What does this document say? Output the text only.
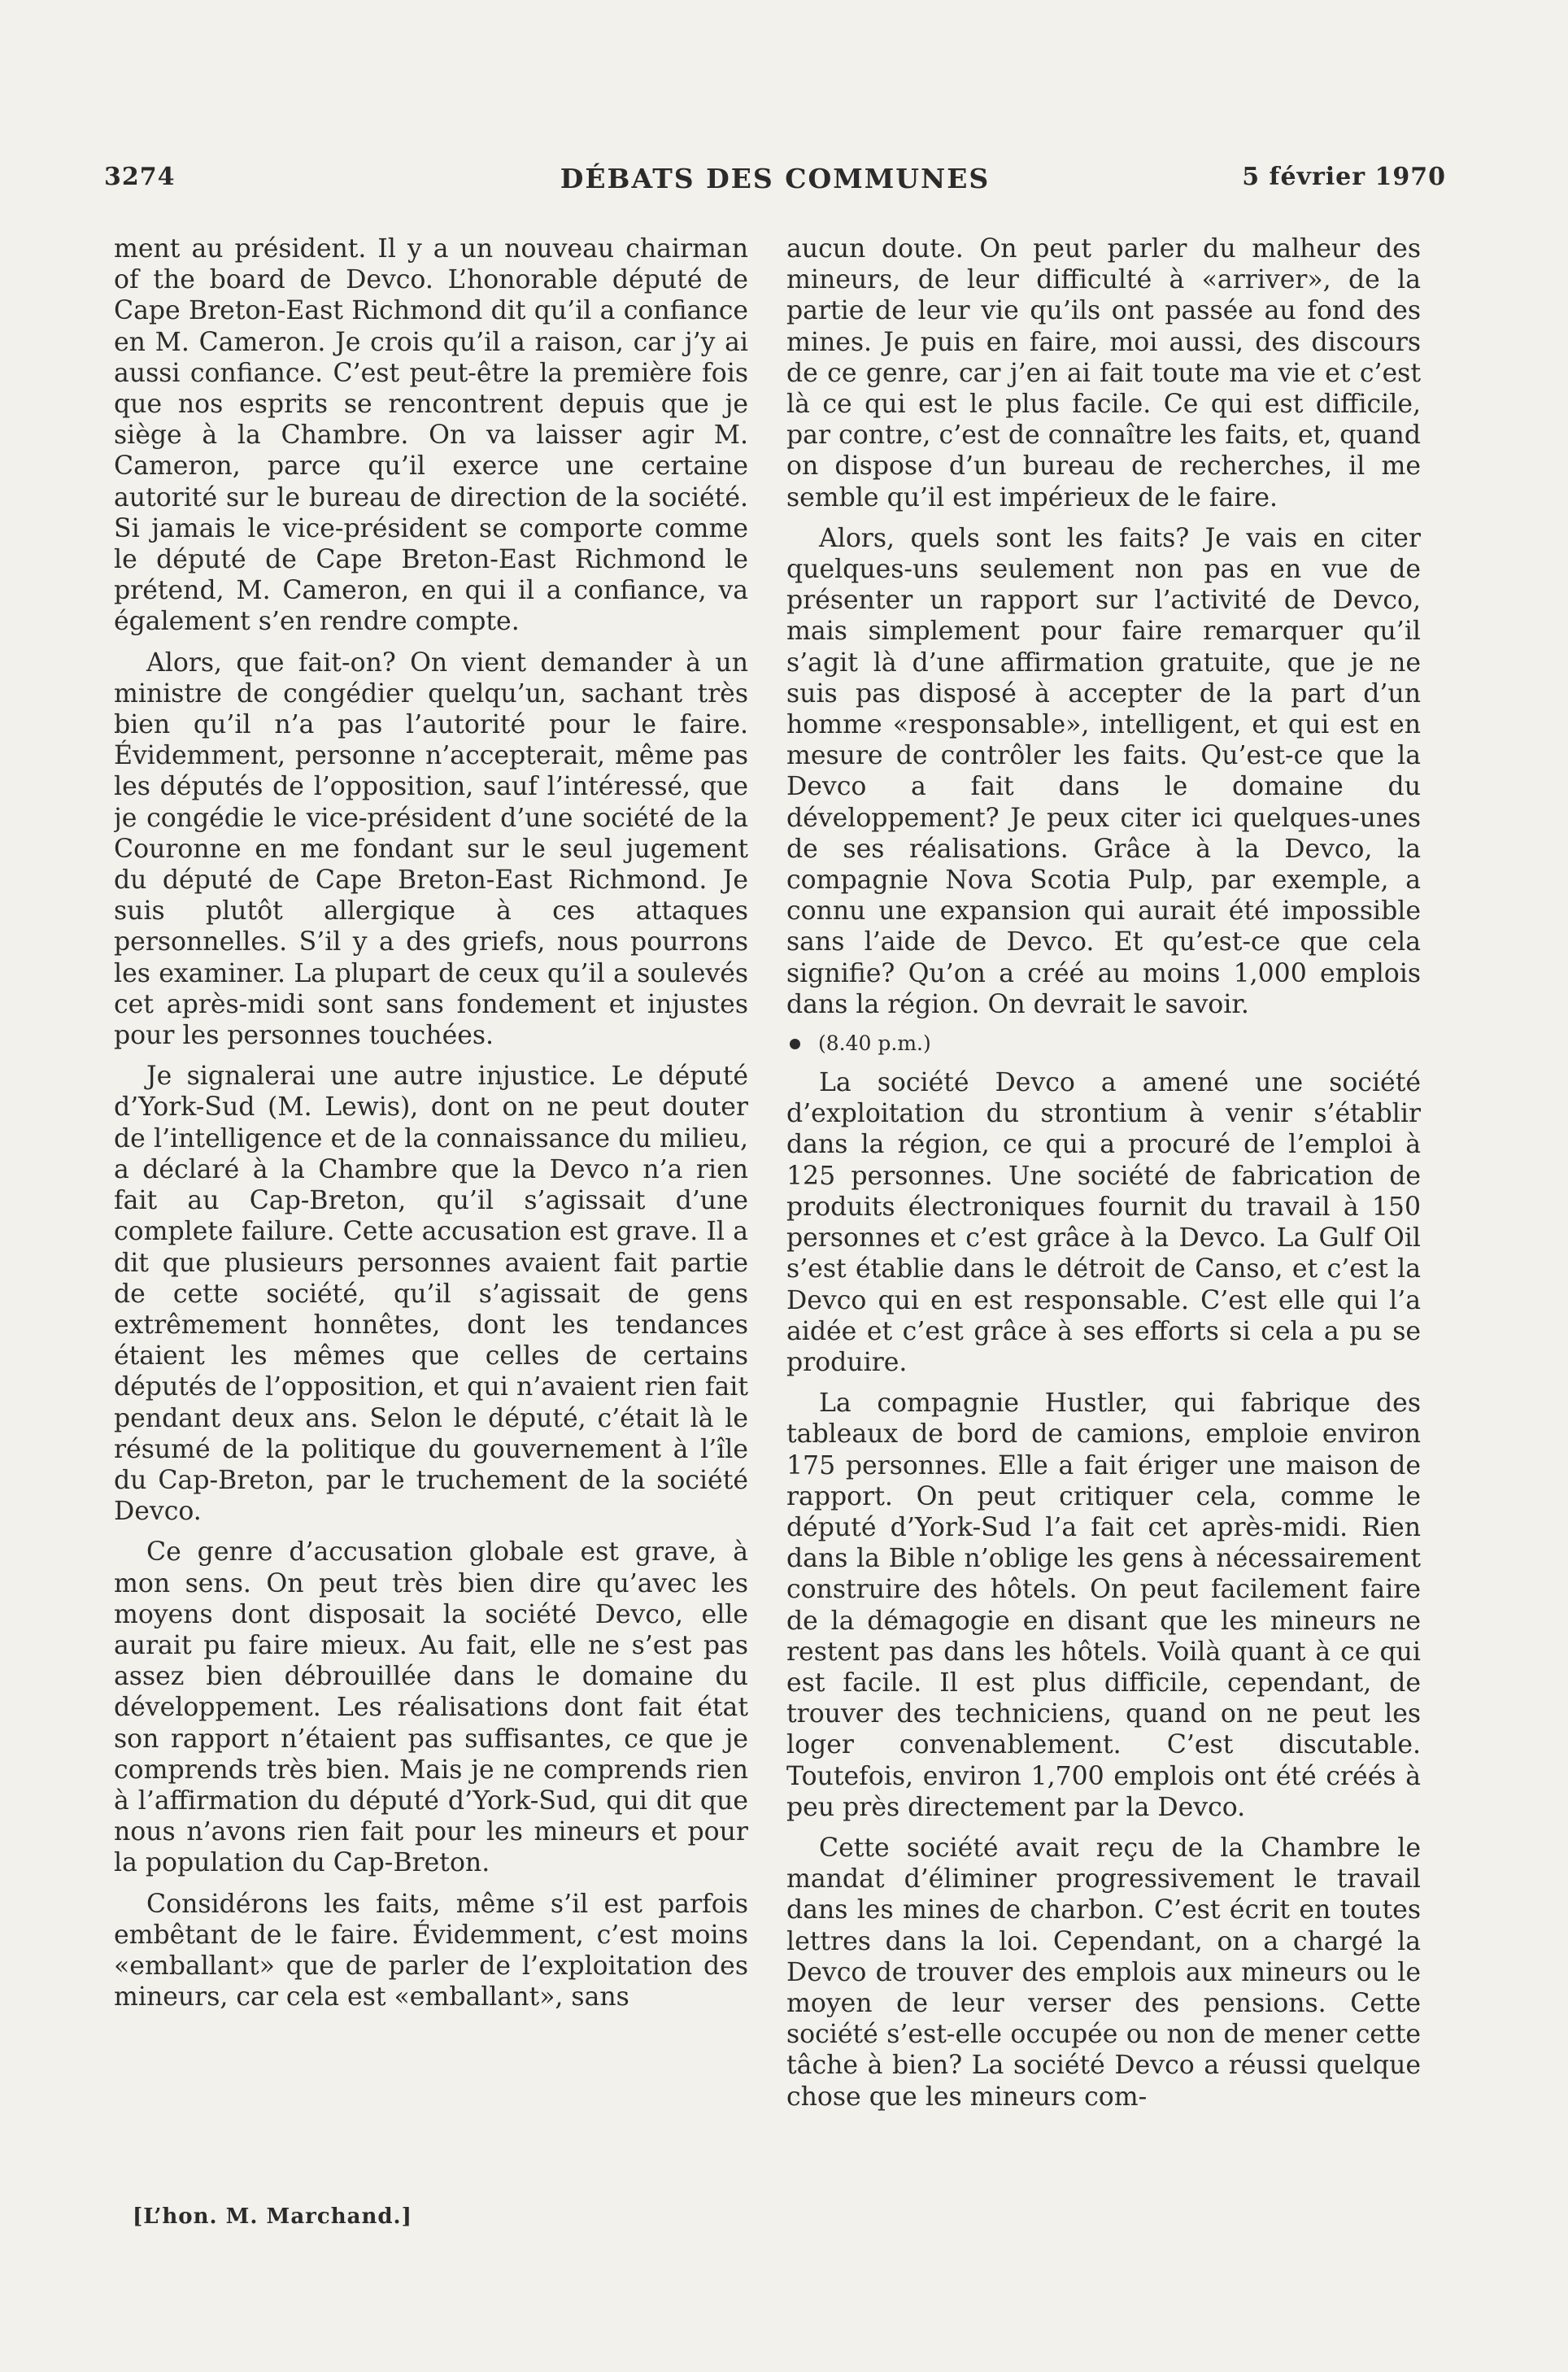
3274	DÉBATS DES COMMUNES	5 février 1970

ment au président. Il y a un nouveau chairman of the board de Devco. L’honorable député de Cape Breton-East Richmond dit qu’il a confiance en M. Cameron. Je crois qu’il a raison, car j’y ai aussi confiance. C’est peut-être la première fois que nos esprits se rencontrent depuis que je siège à la Chambre. On va laisser agir M. Cameron, parce qu’il exerce une certaine autorité sur le bureau de direction de la société. Si jamais le vice-président se comporte comme le député de Cape Breton-East Richmond le prétend, M. Cameron, en qui il a confiance, va également s’en rendre compte.

Alors, que fait-on? On vient demander à un ministre de congédier quelqu’un, sachant très bien qu’il n’a pas l’autorité pour le faire. Évidemment, personne n’accepterait, même pas les députés de l’opposition, sauf l’intéressé, que je congédie le vice-président d’une société de la Couronne en me fondant sur le seul jugement du député de Cape Breton-East Richmond. Je suis plutôt allergique à ces attaques personnelles. S’il y a des griefs, nous pourrons les examiner. La plupart de ceux qu’il a soulevés cet après-midi sont sans fondement et injustes pour les personnes touchées.

Je signalerai une autre injustice. Le député d’York-Sud (M. Lewis), dont on ne peut douter de l’intelligence et de la connaissance du milieu, a déclaré à la Chambre que la Devco n’a rien fait au Cap-Breton, qu’il s’agissait d’une complete failure. Cette accusation est grave. Il a dit que plusieurs personnes avaient fait partie de cette société, qu’il s’agissait de gens extrêmement honnêtes, dont les tendances étaient les mêmes que celles de certains députés de l’opposition, et qui n’avaient rien fait pendant deux ans. Selon le député, c’était là le résumé de la politique du gouvernement à l’île du Cap-Breton, par le truchement de la société Devco.

Ce genre d’accusation globale est grave, à mon sens. On peut très bien dire qu’avec les moyens dont disposait la société Devco, elle aurait pu faire mieux. Au fait, elle ne s’est pas assez bien débrouillée dans le domaine du développement. Les réalisations dont fait état son rapport n’étaient pas suffisantes, ce que je comprends très bien. Mais je ne comprends rien à l’affirmation du député d’York-Sud, qui dit que nous n’avons rien fait pour les mineurs et pour la population du Cap-Breton.

Considérons les faits, même s’il est parfois embêtant de le faire. Évidemment, c’est moins «emballant» que de parler de l’exploitation des mineurs, car cela est «emballant», sans

aucun doute. On peut parler du malheur des mineurs, de leur difficulté à «arriver», de la partie de leur vie qu’ils ont passée au fond des mines. Je puis en faire, moi aussi, des discours de ce genre, car j’en ai fait toute ma vie et c’est là ce qui est le plus facile. Ce qui est difficile, par contre, c’est de connaître les faits, et, quand on dispose d’un bureau de recherches, il me semble qu’il est impérieux de le faire.

Alors, quels sont les faits? Je vais en citer quelques-uns seulement non pas en vue de présenter un rapport sur l’activité de Devco, mais simplement pour faire remarquer qu’il s’agit là d’une affirmation gratuite, que je ne suis pas disposé à accepter de la part d’un homme «responsable», intelligent, et qui est en mesure de contrôler les faits. Qu’est-ce que la Devco a fait dans le domaine du développement? Je peux citer ici quelques-unes de ses réalisations. Grâce à la Devco, la compagnie Nova Scotia Pulp, par exemple, a connu une expansion qui aurait été impossible sans l’aide de Devco. Et qu’est-ce que cela signifie? Qu’on a créé au moins 1,000 emplois dans la région. On devrait le savoir.

(8.40 p.m.)

La société Devco a amené une société d’exploitation du strontium à venir s’établir dans la région, ce qui a procuré de l’emploi à 125 personnes. Une société de fabrication de produits électroniques fournit du travail à 150 personnes et c’est grâce à la Devco. La Gulf Oil s’est établie dans le détroit de Canso, et c’est la Devco qui en est responsable. C’est elle qui l’a aidée et c’est grâce à ses efforts si cela a pu se produire.

La compagnie Hustler, qui fabrique des tableaux de bord de camions, emploie environ 175 personnes. Elle a fait ériger une maison de rapport. On peut critiquer cela, comme le député d’York-Sud l’a fait cet après-midi. Rien dans la Bible n’oblige les gens à nécessairement construire des hôtels. On peut facilement faire de la démagogie en disant que les mineurs ne restent pas dans les hôtels. Voilà quant à ce qui est facile. Il est plus difficile, cependant, de trouver des techniciens, quand on ne peut les loger convenablement. C’est discutable. Toutefois, environ 1,700 emplois ont été créés à peu près directement par la Devco.

Cette société avait reçu de la Chambre le mandat d’éliminer progressivement le travail dans les mines de charbon. C’est écrit en toutes lettres dans la loi. Cependant, on a chargé la Devco de trouver des emplois aux mineurs ou le moyen de leur verser des pensions. Cette société s’est-elle occupée ou non de mener cette tâche à bien? La société Devco a réussi quelque chose que les mineurs com-

[L’hon. M. Marchand.]
